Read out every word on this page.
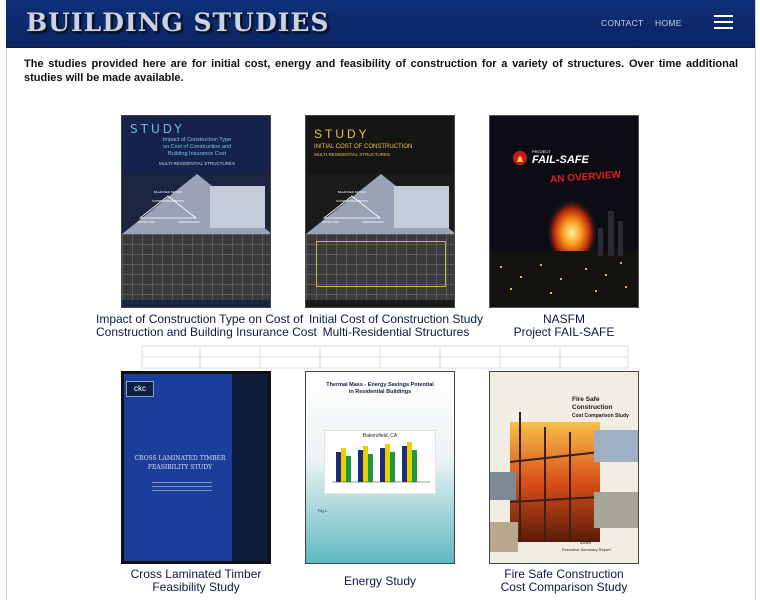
BUILDING STUDIES	CONTACT HOME
The studies provided here are for initial cost, energy and feasibility of construction for a variety of structures. Over time additional studies will be made available.
STUDY
Impact of Construction Type
on Cost of Construction and
Building Insurance Cost
MULTI-RESIDENTIAL STRUCTURES
BALANCED DESIGN
COMPARTMENTATION
DETECTION	SUPPRESSION
Impact of Construction Type on Cost of
Construction and Building Insurance Cost
STUDY
INITIAL COST OF CONSTRUCTION
MULTI-RESIDENTIAL STRUCTURES
BALANCED DESIGN
COMPARTMENTATION
DETECTION	SUPPRESSION
Initial Cost of Construction Study
Multi-Residential Structures
PROJECT
FAIL-SAFE
AN OVERVIEW
NASFM
Project FAIL-SAFE
ckc
CROSS LAMINATED TIMBER
FEASIBILITY STUDY
Cross Laminated Timber
Feasibility Study
Thermal Mass - Energy Savings Potential
in Residential Buildings
Bakersfield, CA
Fig 1.
Energy Study
Fire Safe Construction
Cost Comparison Study
2006
Executive Summary Report
Fire Safe Construction
Cost Comparison Study
